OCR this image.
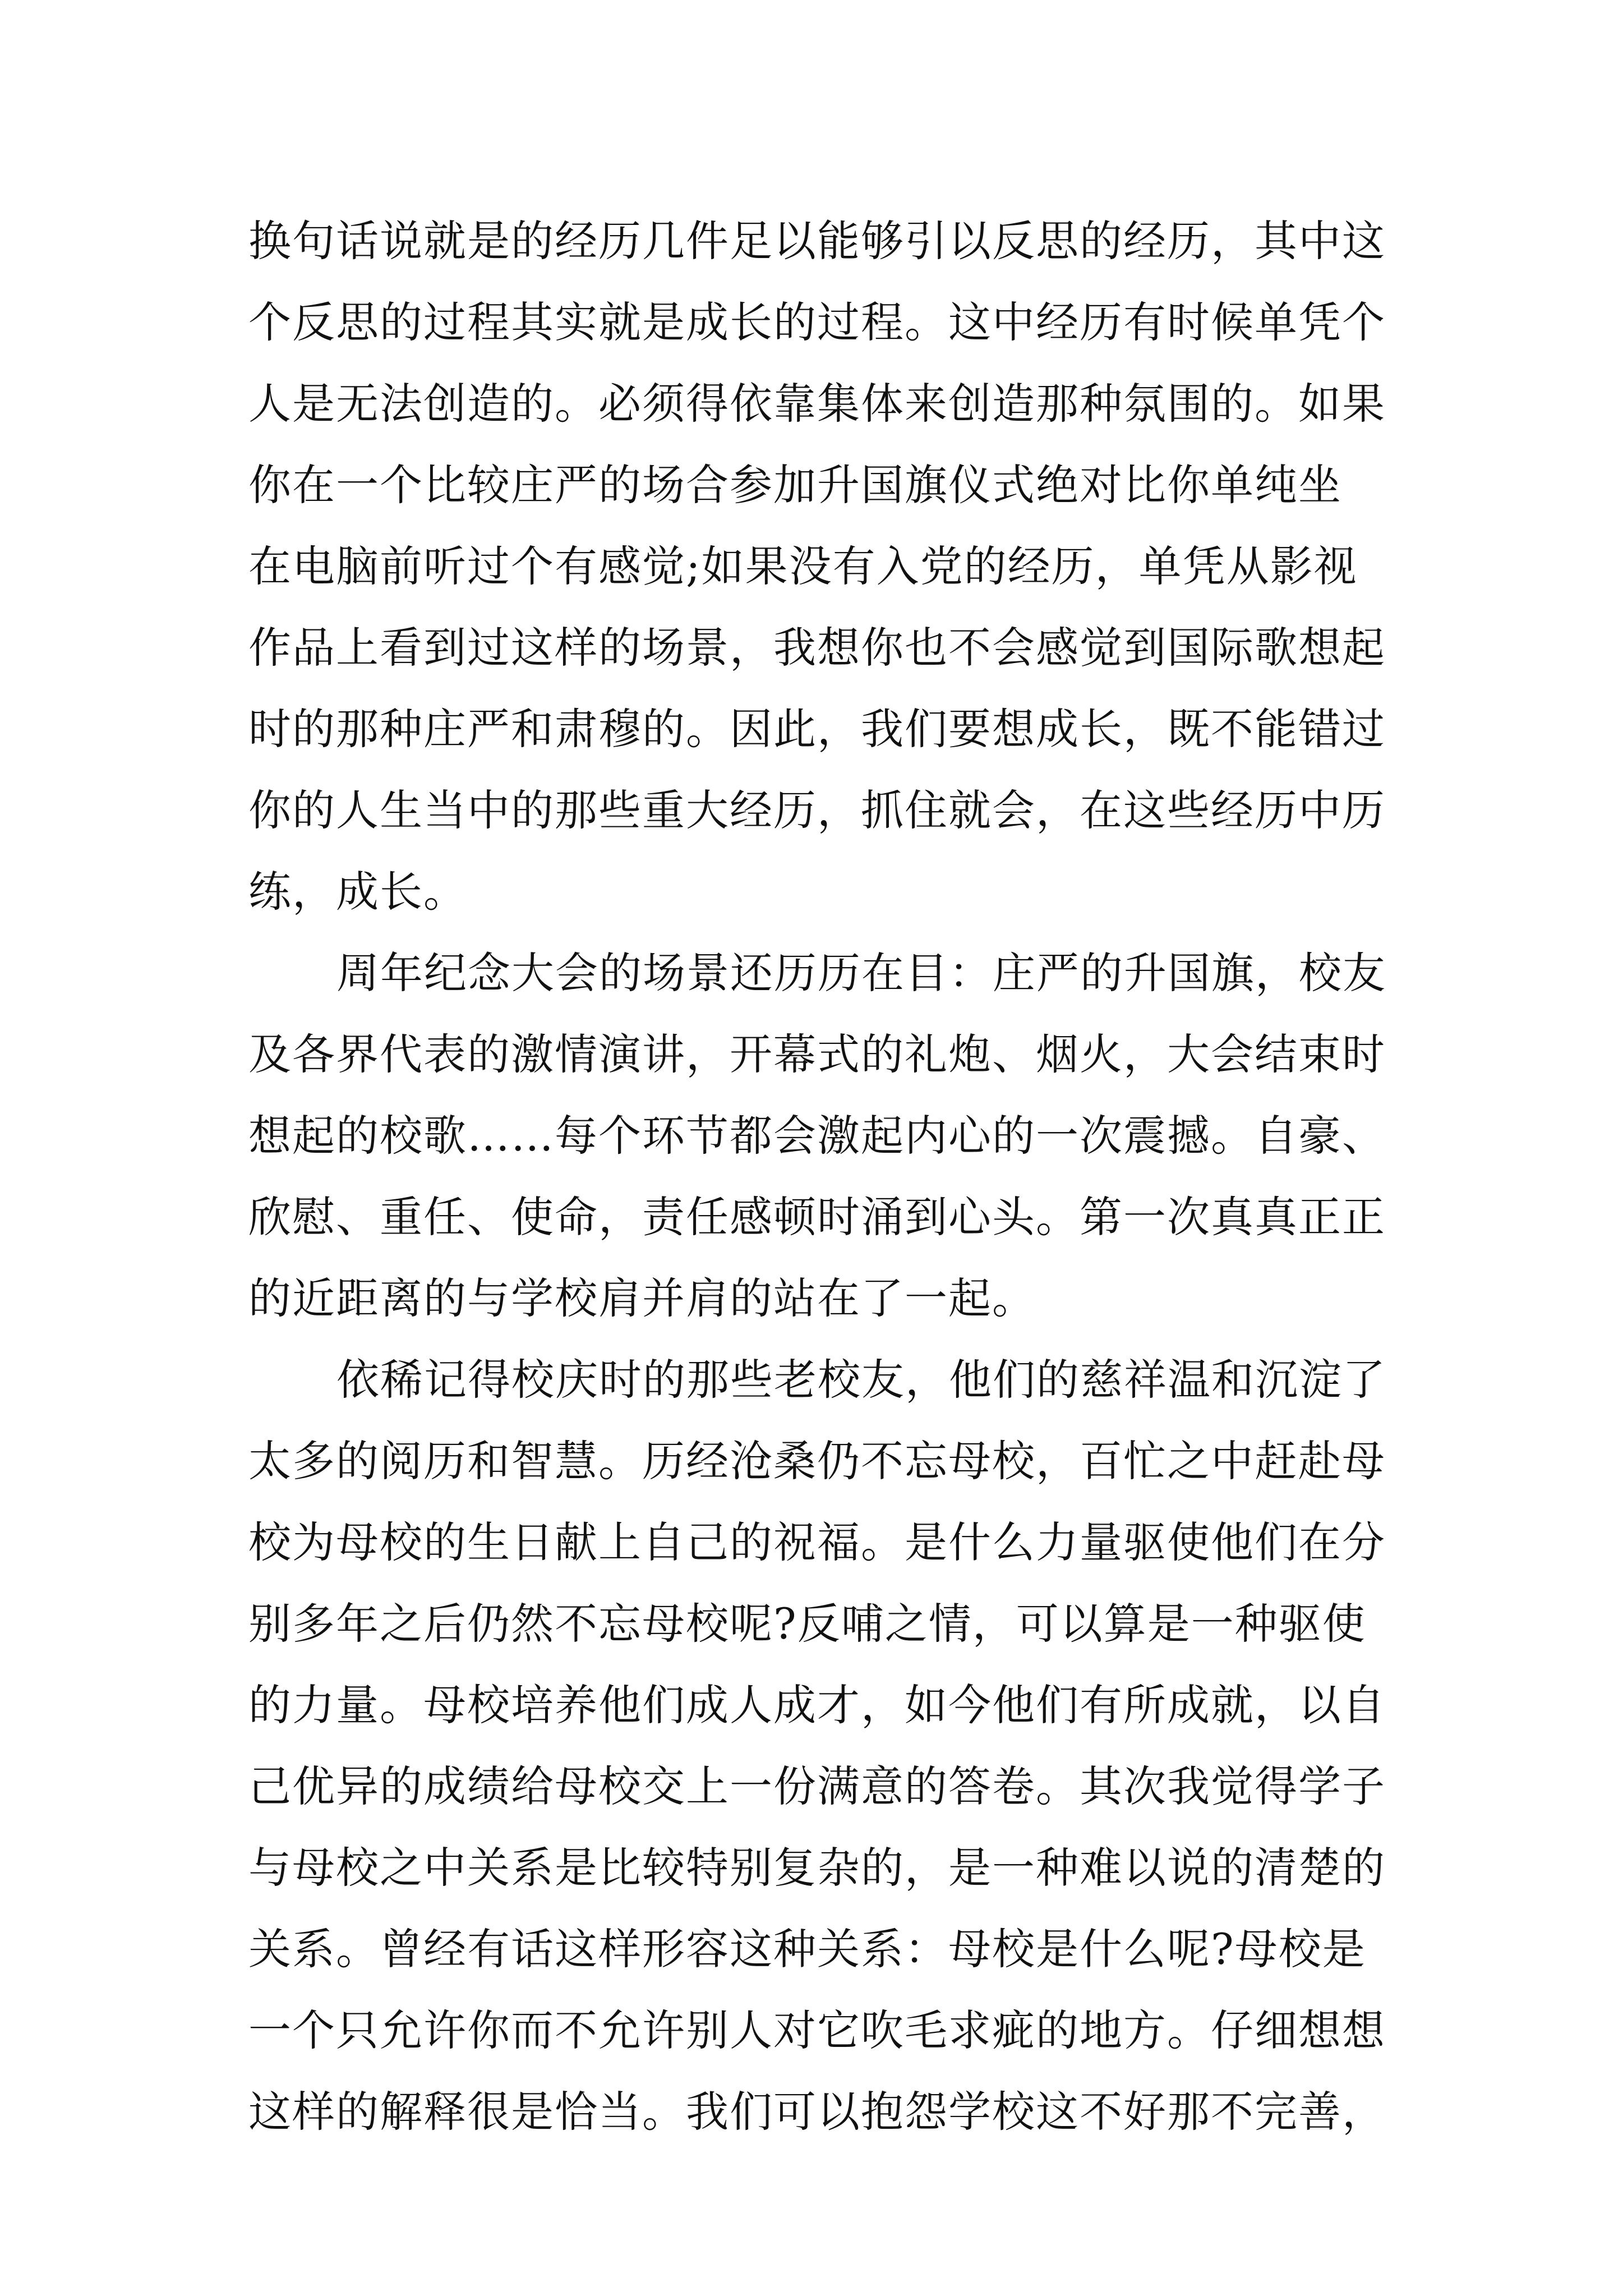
换句话说就是的经历几件足以能够引以反思的经历，其中这
个反思的过程其实就是成长的过程。这中经历有时候单凭个
人是无法创造的。必须得依靠集体来创造那种氛围的。如果
你在一个比较庄严的场合参加升国旗仪式绝对比你单纯坐
在电脑前听过个有感觉;如果没有入党的经历，单凭从影视
作品上看到过这样的场景，我想你也不会感觉到国际歌想起
时的那种庄严和肃穆的。因此，我们要想成长，既不能错过
你的人生当中的那些重大经历，抓住就会，在这些经历中历
练，成长。
周年纪念大会的场景还历历在目：庄严的升国旗，校友
及各界代表的激情演讲，开幕式的礼炮、烟火，大会结束时
想起的校歌……每个环节都会激起内心的一次震撼。自豪、
欣慰、重任、使命，责任感顿时涌到心头。第一次真真正正
的近距离的与学校肩并肩的站在了一起。
依稀记得校庆时的那些老校友，他们的慈祥温和沉淀了
太多的阅历和智慧。历经沧桑仍不忘母校，百忙之中赶赴母
校为母校的生日献上自己的祝福。是什么力量驱使他们在分
别多年之后仍然不忘母校呢?反哺之情，可以算是一种驱使
的力量。母校培养他们成人成才，如今他们有所成就，以自
己优异的成绩给母校交上一份满意的答卷。其次我觉得学子
与母校之中关系是比较特别复杂的，是一种难以说的清楚的
关系。曾经有话这样形容这种关系：母校是什么呢?母校是
一个只允许你而不允许别人对它吹毛求疵的地方。仔细想想
这样的解释很是恰当。我们可以抱怨学校这不好那不完善，
